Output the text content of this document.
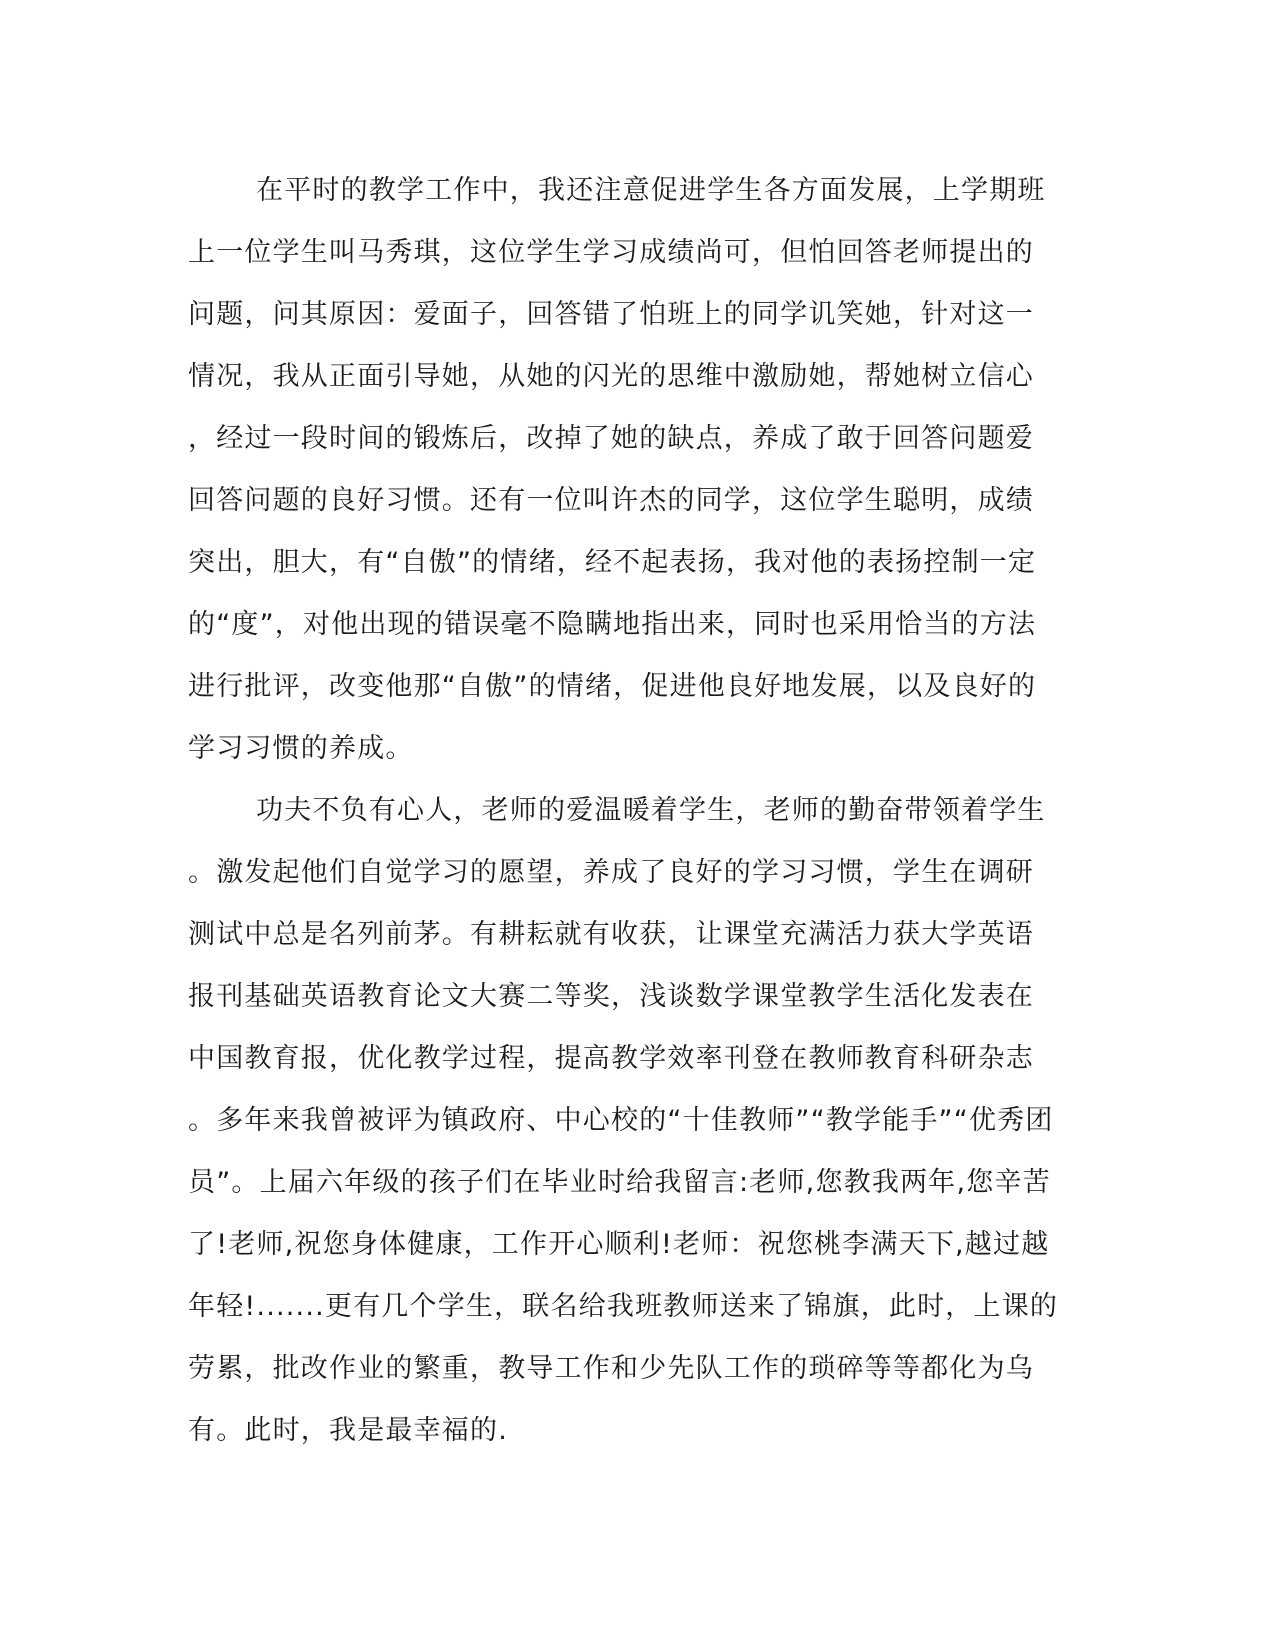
在平时的教学工作中，我还注意促进学生各方面发展，上学期班
上一位学生叫马秀琪，这位学生学习成绩尚可，但怕回答老师提出的
问题，问其原因：爱面子，回答错了怕班上的同学讥笑她，针对这一
情况，我从正面引导她，从她的闪光的思维中激励她，帮她树立信心
，经过一段时间的锻炼后，改掉了她的缺点，养成了敢于回答问题爱
回答问题的良好习惯。还有一位叫许杰的同学，这位学生聪明，成绩
突出，胆大，有“自傲”的情绪，经不起表扬，我对他的表扬控制一定
的“度”，对他出现的错误毫不隐瞒地指出来，同时也采用恰当的方法
进行批评，改变他那“自傲”的情绪，促进他良好地发展，以及良好的
学习习惯的养成。
功夫不负有心人，老师的爱温暖着学生，老师的勤奋带领着学生
。激发起他们自觉学习的愿望，养成了良好的学习习惯，学生在调研
测试中总是名列前茅。有耕耘就有收获，让课堂充满活力获大学英语
报刊基础英语教育论文大赛二等奖，浅谈数学课堂教学生活化发表在
中国教育报，优化教学过程，提高教学效率刊登在教师教育科研杂志
。多年来我曾被评为镇政府、中心校的“十佳教师”“教学能手”“优秀团
员”。上届六年级的孩子们在毕业时给我留言:老师,您教我两年,您辛苦
了!老师,祝您身体健康，工作开心顺利!老师：祝您桃李满天下,越过越
年轻!.......更有几个学生，联名给我班教师送来了锦旗，此时，上课的
劳累，批改作业的繁重，教导工作和少先队工作的琐碎等等都化为乌
有。此时，我是最幸福的.
